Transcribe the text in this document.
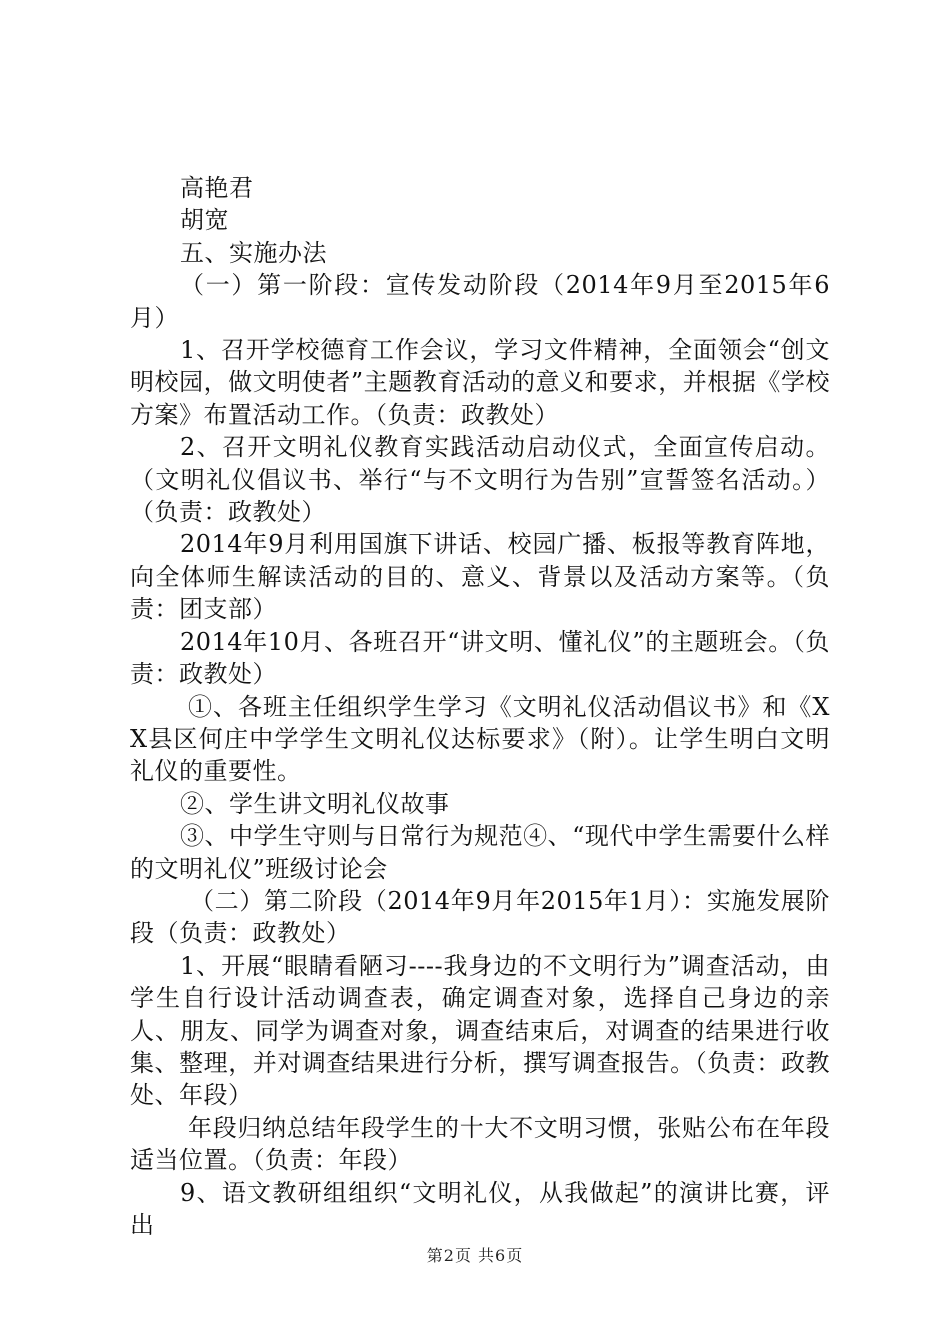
高艳君

胡宽

五、实施办法

（一）第一阶段：宣传发动阶段（2014年9月至2015年6月）

1、召开学校德育工作会议，学习文件精神，全面领会“创文明校园，做文明使者”主题教育活动的意义和要求，并根据《学校方案》布置活动工作。（负责：政教处）

2、召开文明礼仪教育实践活动启动仪式，全面宣传启动。（文明礼仪倡议书、举行“与不文明行为告别”宣誓签名活动。）（负责：政教处）

2014年9月利用国旗下讲话、校园广播、板报等教育阵地，向全体师生解读活动的目的、意义、背景以及活动方案等。（负责：团支部）

2014年10月、各班召开“讲文明、懂礼仪”的主题班会。（负责：政教处）

①、各班主任组织学生学习《文明礼仪活动倡议书》和《XX县区何庄中学学生文明礼仪达标要求》（附）。让学生明白文明礼仪的重要性。

②、学生讲文明礼仪故事

③、中学生守则与日常行为规范④、“现代中学生需要什么样的文明礼仪”班级讨论会

（二）第二阶段（2014年9月年2015年1月）：实施发展阶段（负责：政教处）

1、开展“眼睛看陋习----我身边的不文明行为”调查活动，由学生自行设计活动调查表，确定调查对象，选择自己身边的亲人、朋友、同学为调查对象，调查结束后，对调查的结果进行收集、整理，并对调查结果进行分析，撰写调查报告。（负责：政教处、年段）

年段归纳总结年段学生的十大不文明习惯，张贴公布在年段适当位置。（负责：年段）

9、语文教研组组织“文明礼仪，从我做起”的演讲比赛，评出

第2页 共6页
